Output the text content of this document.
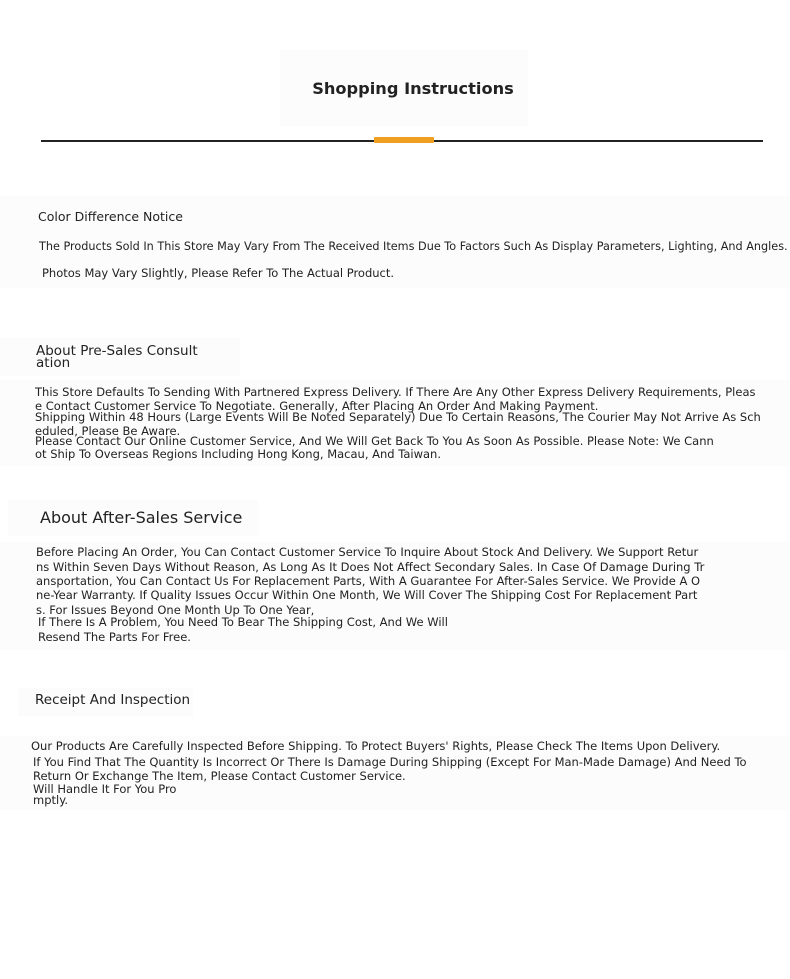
Shopping Instructions
Color Difference Notice
The Products Sold In This Store May Vary From The Received Items Due To Factors Such As Display Parameters, Lighting, And Angles.
Photos May Vary Slightly, Please Refer To The Actual Product.
About Pre-Sales Consult
ation
This Store Defaults To Sending With Partnered Express Delivery. If There Are Any Other Express Delivery Requirements, Pleas
e Contact Customer Service To Negotiate. Generally, After Placing An Order And Making Payment.
Shipping Within 48 Hours (Large Events Will Be Noted Separately) Due To Certain Reasons, The Courier May Not Arrive As Sch
eduled, Please Be Aware.
Please Contact Our Online Customer Service, And We Will Get Back To You As Soon As Possible. Please Note: We Cann
ot Ship To Overseas Regions Including Hong Kong, Macau, And Taiwan.
About After-Sales Service
Before Placing An Order, You Can Contact Customer Service To Inquire About Stock And Delivery. We Support Retur
ns Within Seven Days Without Reason, As Long As It Does Not Affect Secondary Sales. In Case Of Damage During Tr
ansportation, You Can Contact Us For Replacement Parts, With A Guarantee For After-Sales Service. We Provide A O
ne-Year Warranty. If Quality Issues Occur Within One Month, We Will Cover The Shipping Cost For Replacement Part
s. For Issues Beyond One Month Up To One Year,
If There Is A Problem, You Need To Bear The Shipping Cost, And We Will
Resend The Parts For Free.
Receipt And Inspection
Our Products Are Carefully Inspected Before Shipping. To Protect Buyers' Rights, Please Check The Items Upon Delivery.
If You Find That The Quantity Is Incorrect Or There Is Damage During Shipping (Except For Man-Made Damage) And Need To
Return Or Exchange The Item, Please Contact Customer Service.
Will Handle It For You Pro
mptly.
